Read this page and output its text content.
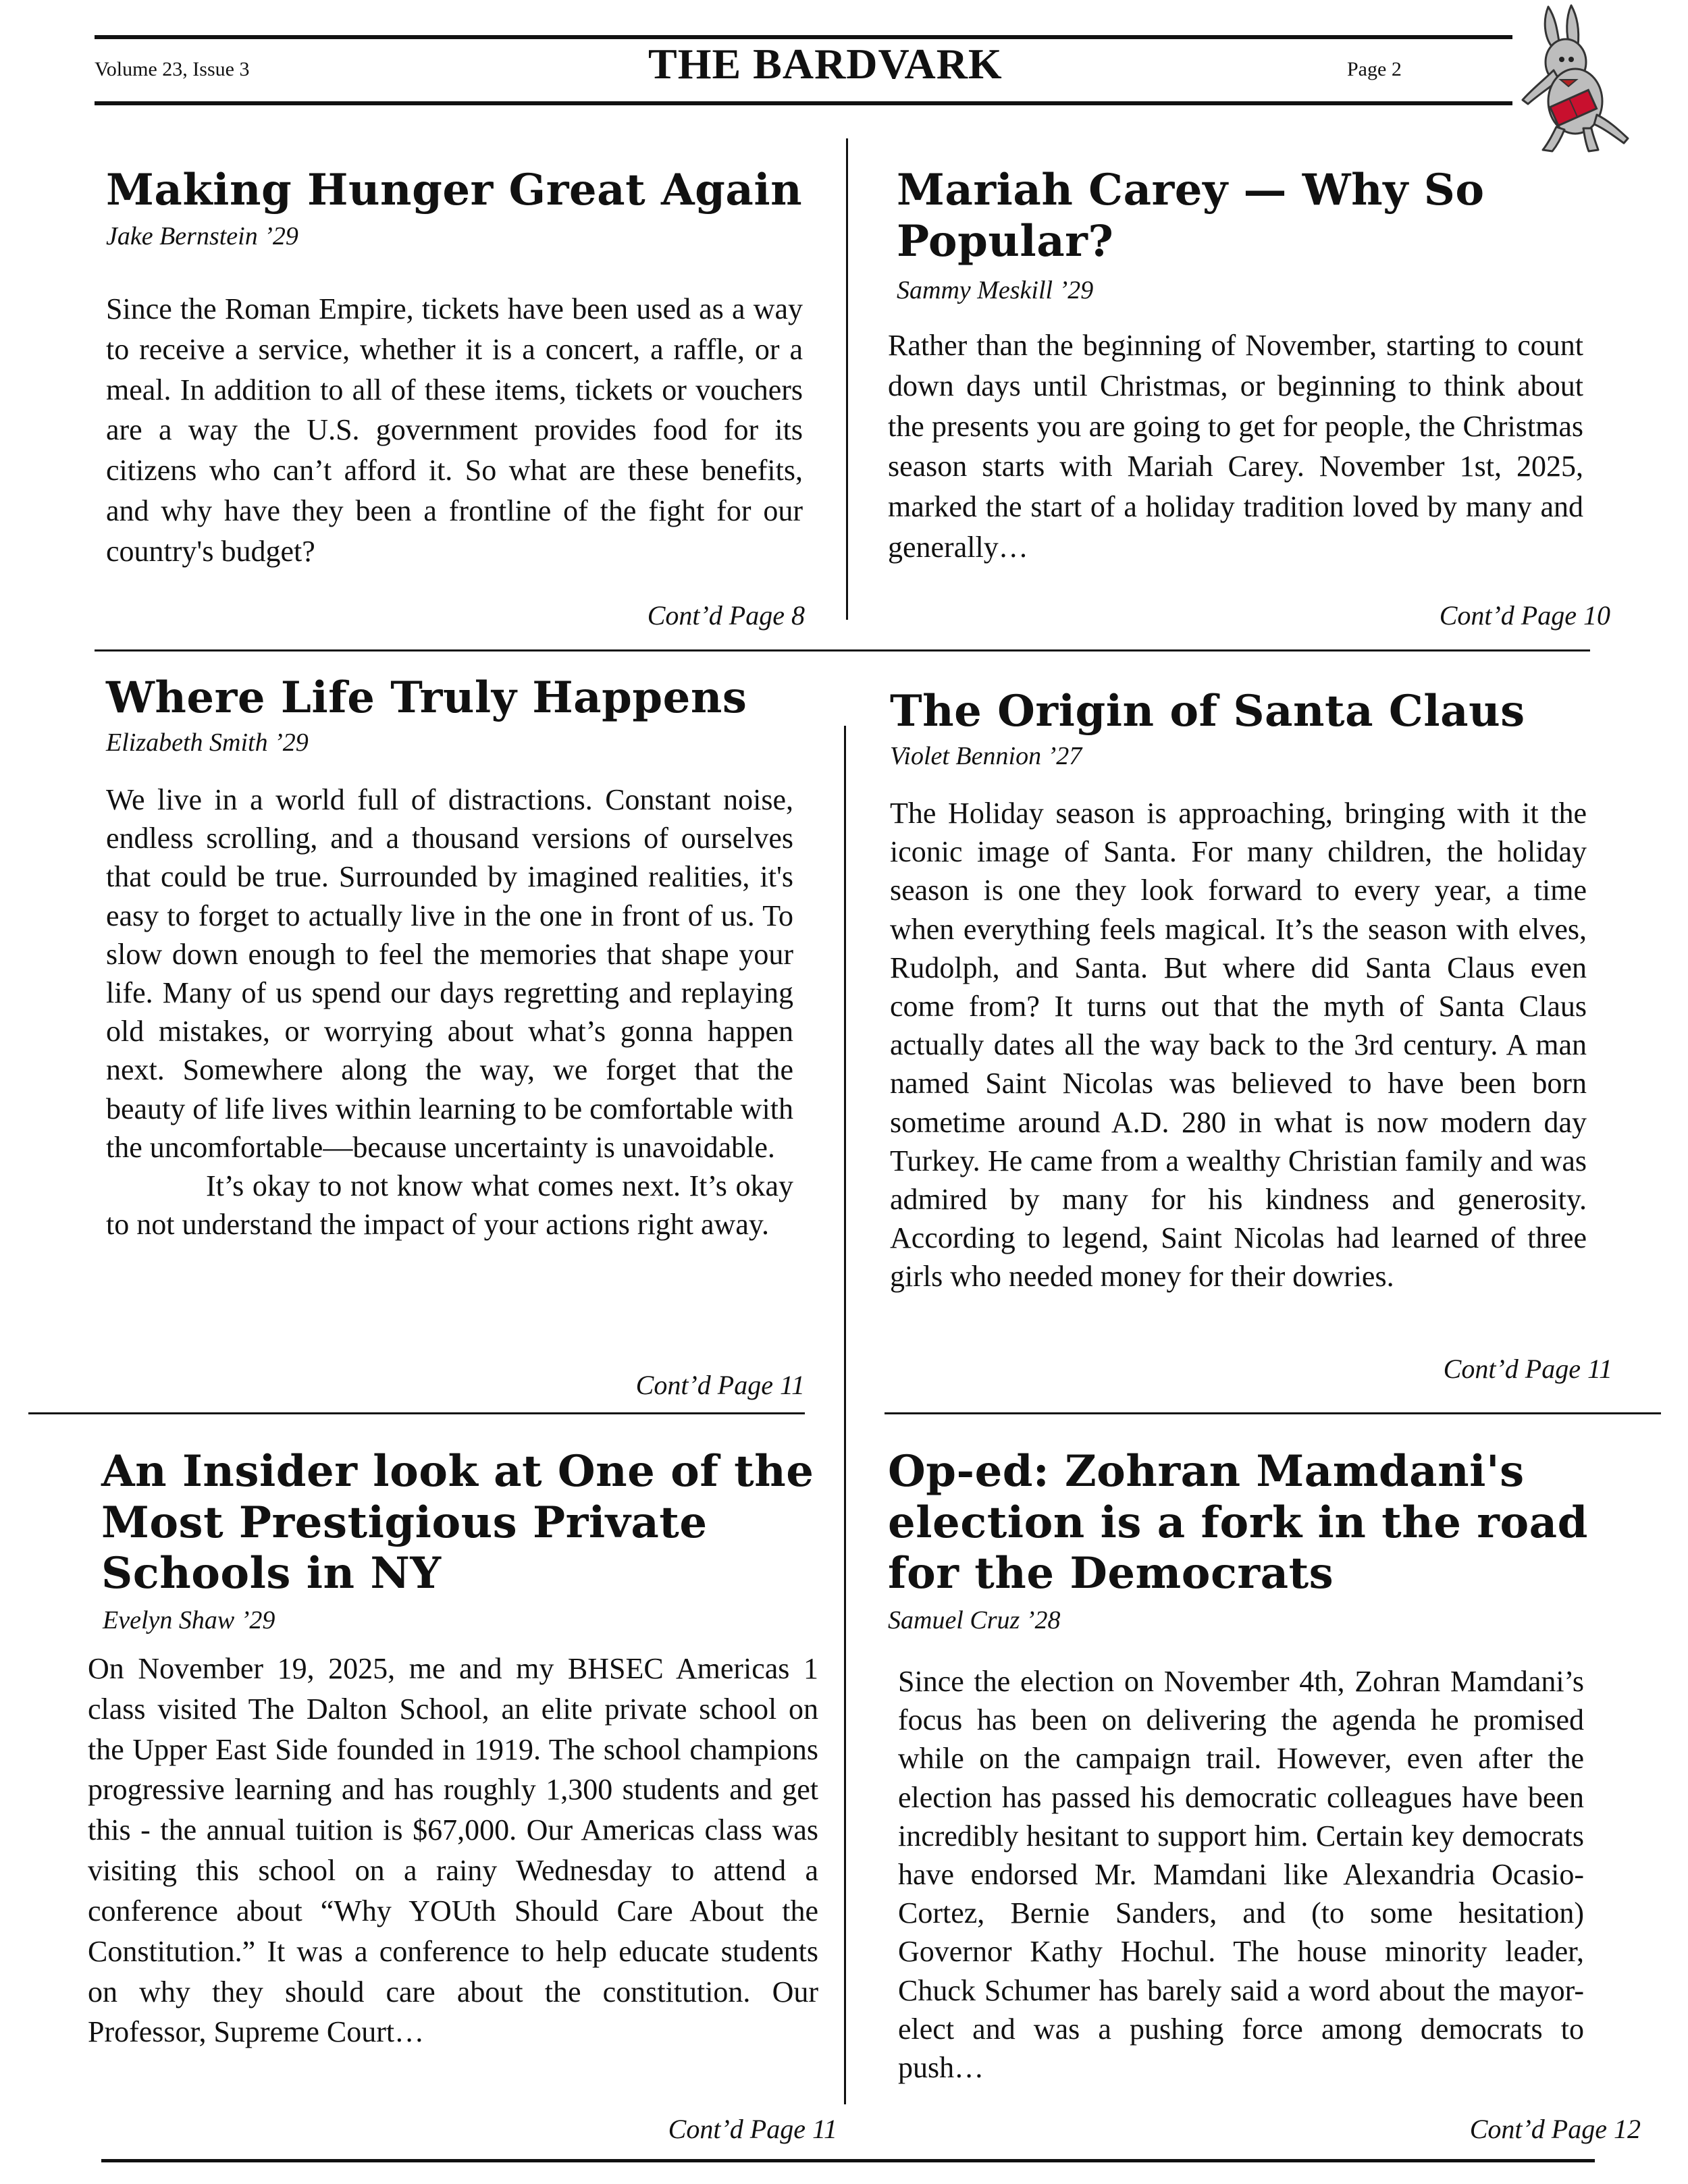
Volume 23, Issue 3	THE BARDVARK	Page 2
Making Hunger Great Again
Jake Bernstein ’29

Since the Roman Empire, tickets have been used as a way to receive a service, whether it is a concert, a raffle, or a meal. In addition to all of these items, tickets or vouchers are a way the U.S. government provides food for its citizens who can’t afford it. So what are these benefits, and why have they been a frontline of the fight for our country's budget?

Cont’d Page 8
Mariah Carey — Why So Popular?
Sammy Meskill ’29

Rather than the beginning of November, starting to count down days until Christmas, or beginning to think about the presents you are going to get for people, the Christmas season starts with Mariah Carey. November 1st, 2025, marked the start of a holiday tradition loved by many and generally…

Cont’d Page 10
Where Life Truly Happens
Elizabeth Smith ’29

We live in a world full of distractions. Constant noise, endless scrolling, and a thousand versions of ourselves that could be true. Surrounded by imagined realities, it's easy to forget to actually live in the one in front of us. To slow down enough to feel the memories that shape your life. Many of us spend our days regretting and replaying old mistakes, or worrying about what’s gonna happen next. Somewhere along the way, we forget that the beauty of life lives within learning to be comfortable with the uncomfortable—because uncertainty is unavoidable.

It’s okay to not know what comes next. It’s okay to not understand the impact of your actions right away.

Cont’d Page 11
The Origin of Santa Claus
Violet Bennion ’27

The Holiday season is approaching, bringing with it the iconic image of Santa. For many children, the holiday season is one they look forward to every year, a time when everything feels magical. It’s the season with elves, Rudolph, and Santa. But where did Santa Claus even come from? It turns out that the myth of Santa Claus actually dates all the way back to the 3rd century. A man named Saint Nicolas was believed to have been born sometime around A.D. 280 in what is now modern day Turkey. He came from a wealthy Christian family and was admired by many for his kindness and generosity. According to legend, Saint Nicolas had learned of three girls who needed money for their dowries.

Cont’d Page 11
An Insider look at One of the Most Prestigious Private Schools in NY
Evelyn Shaw ’29

On November 19, 2025, me and my BHSEC Americas 1 class visited The Dalton School, an elite private school on the Upper East Side founded in 1919. The school champions progressive learning and has roughly 1,300 students and get this - the annual tuition is $67,000. Our Americas class was visiting this school on a rainy Wednesday to attend a conference about “Why YOUth Should Care About the Constitution.” It was a conference to help educate students on why they should care about the constitution. Our Professor, Supreme Court…

Cont’d Page 11
Op-ed: Zohran Mamdani's election is a fork in the road for the Democrats
Samuel Cruz ’28

Since the election on November 4th, Zohran Mamdani’s focus has been on delivering the agenda he promised while on the campaign trail. However, even after the election has passed his democratic colleagues have been incredibly hesitant to support him. Certain key democrats have endorsed Mr. Mamdani like Alexandria Ocasio-Cortez, Bernie Sanders, and (to some hesitation) Governor Kathy Hochul. The house minority leader, Chuck Schumer has barely said a word about the mayor-elect and was a pushing force among democrats to push…

Cont’d Page 12
